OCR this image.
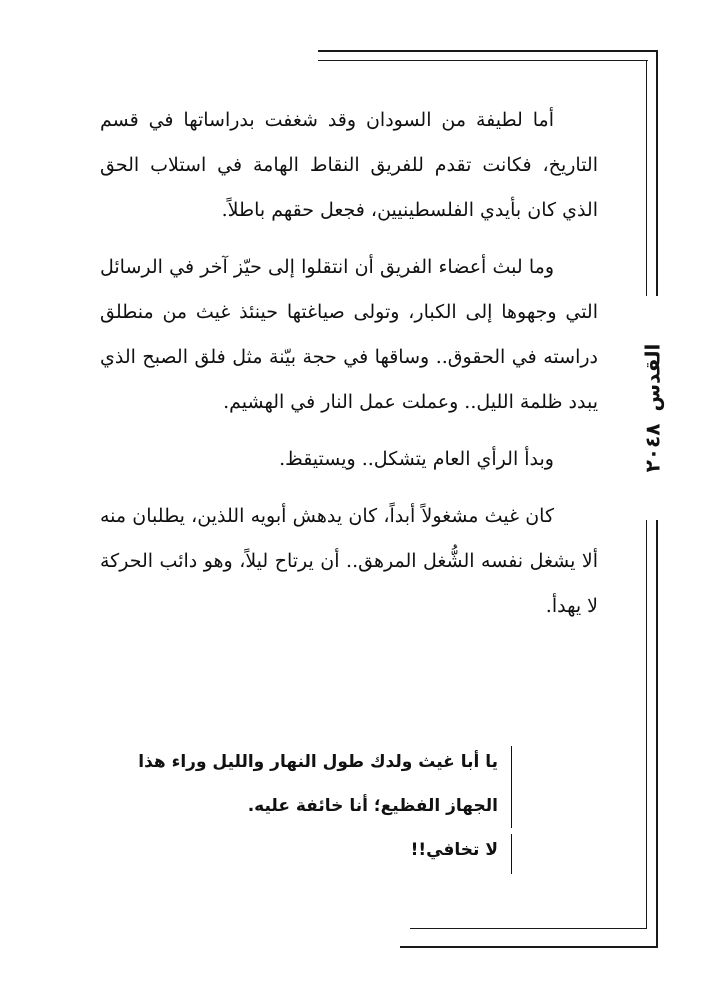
القدس
٢٠٤٨

أما لطيفة من السودان وقد شغفت بدراساتها في قسم التاريخ، فكانت تقدم للفريق النقاط الهامة في استلاب الحق الذي كان بأيدي الفلسطينيين، فجعل حقهم باطلاً.

وما لبث أعضاء الفريق أن انتقلوا إلى حيّز آخر في الرسائل التي وجهوها إلى الكبار، وتولى صياغتها حينئذ غيث من منطلق دراسته في الحقوق.. وساقها في حجة بيّنة مثل فلق الصبح الذي يبدد ظلمة الليل.. وعملت عمل النار في الهشيم.

وبدأ الرأي العام يتشكل.. ويستيقظ.

كان غيث مشغولاً أبداً، كان يدهش أبويه اللذين، يطلبان منه ألا يشغل نفسه الشُّغل المرهق.. أن يرتاح ليلاً، وهو دائب الحركة لا يهدأ.

يا أبا غيث ولدك طول النهار والليل وراء هذا الجهاز الفظيع؛ أنا خائفة عليه.

لا تخافي!!
